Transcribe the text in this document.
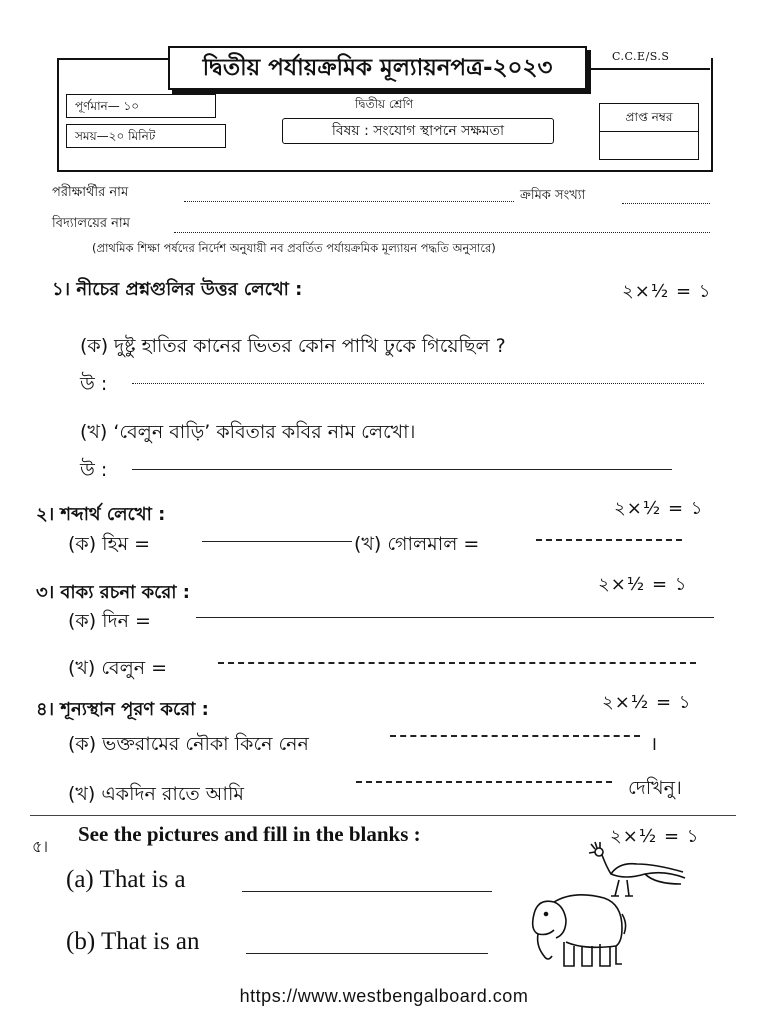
দ্বিতীয় পর্যায়ক্রমিক মূল্যায়নপত্র-২০২৩	C.C.E/S.S
পূর্ণমান— ১০
সময়—২০ মিনিট
দ্বিতীয় শ্রেণি
বিষয় : সংযোগ স্থাপনে সক্ষমতা
প্রাপ্ত নম্বর
পরীক্ষার্থীর নাম	ক্রমিক সংখ্যা
বিদ্যালয়ের নাম
(প্রাথমিক শিক্ষা পর্ষদের নির্দেশ অনুযায়ী নব প্রবর্তিত পর্যায়ক্রমিক মূল্যায়ন পদ্ধতি অনুসারে)
১। নীচের প্রশ্নগুলির উত্তর লেখো :	২×½ = ১
(ক) দুষ্টু হাতির কানের ভিতর কোন পাখি ঢুকে গিয়েছিল ?
উ :
(খ) ‘বেলুন বাড়ি’ কবিতার কবির নাম লেখো।
উ :
২। শব্দার্থ লেখো :	২×½ = ১
(ক) হিম =	(খ) গোলমাল =
৩। বাক্য রচনা করো :	২×½ = ১
(ক) দিন =
(খ) বেলুন =
৪। শূন্যস্থান পূরণ করো :	২×½ = ১
(ক) ভক্তরামের নৌকা কিনে নেন	।
(খ) একদিন রাতে আমি	দেখিনু।
৫।
See the pictures and fill in the blanks :	২×½ = ১
(a) That is a
(b) That is an
https://www.westbengalboard.com
